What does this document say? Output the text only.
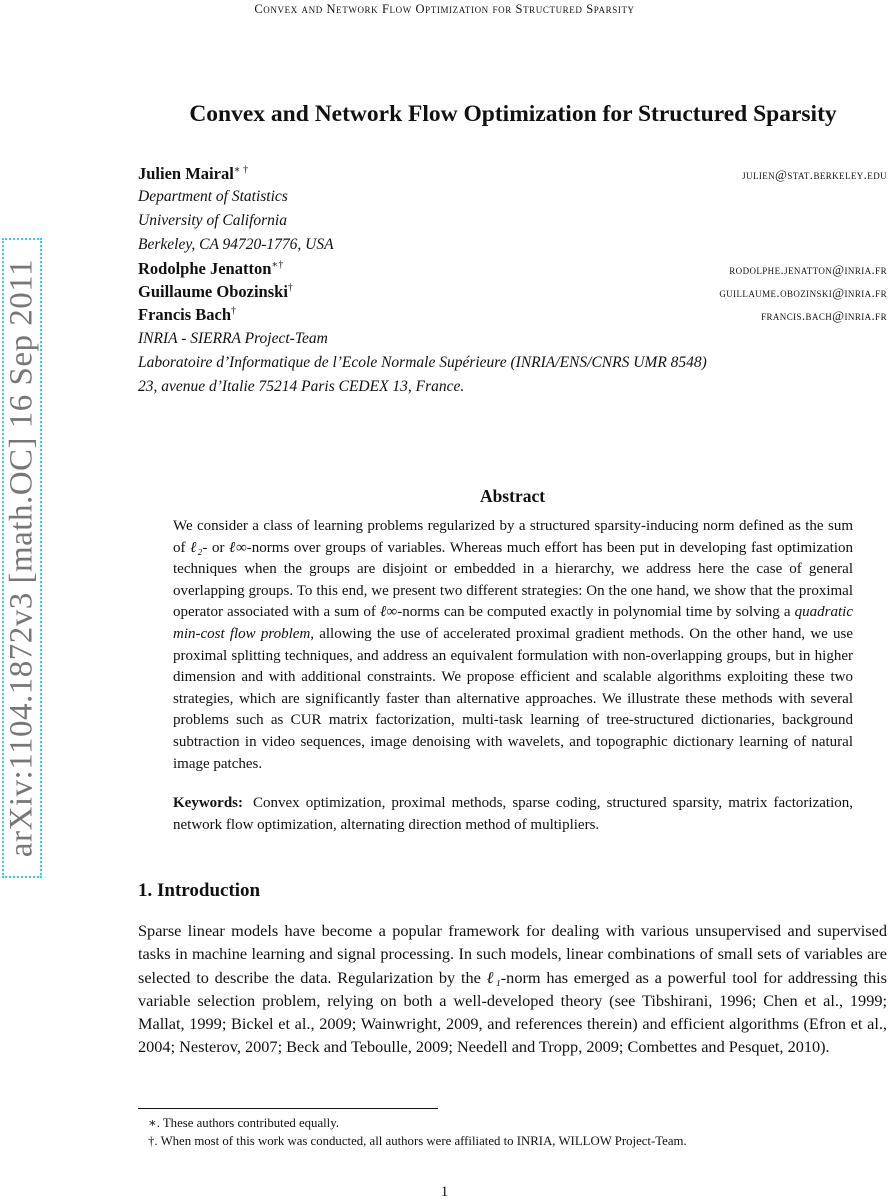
Convex and Network Flow Optimization for Structured Sparsity
arXiv:1104.1872v3 [math.OC] 16 Sep 2011
Convex and Network Flow Optimization for Structured Sparsity
Julien Mairal∗ †	julien@stat.berkeley.edu
Department of Statistics
University of California
Berkeley, CA 94720-1776, USA
Rodolphe Jenatton∗†	rodolphe.jenatton@inria.fr
Guillaume Obozinski†	guillaume.obozinski@inria.fr
Francis Bach†	francis.bach@inria.fr
INRIA - SIERRA Project-Team
Laboratoire d’Informatique de l’Ecole Normale Supérieure (INRIA/ENS/CNRS UMR 8548)
23, avenue d’Italie 75214 Paris CEDEX 13, France.
Abstract
We consider a class of learning problems regularized by a structured sparsity-inducing norm defined as the sum of ℓ₂- or ℓ∞-norms over groups of variables. Whereas much effort has been put in developing fast optimization techniques when the groups are disjoint or embedded in a hierarchy, we address here the case of general overlapping groups. To this end, we present two different strategies: On the one hand, we show that the proximal operator associated with a sum of ℓ∞-norms can be computed exactly in polynomial time by solving a quadratic min-cost flow problem, allowing the use of accelerated proximal gradient methods. On the other hand, we use proximal splitting techniques, and address an equivalent formulation with non-overlapping groups, but in higher dimension and with additional constraints. We propose efficient and scalable algorithms exploiting these two strategies, which are significantly faster than alternative approaches. We illustrate these methods with several problems such as CUR matrix factorization, multi-task learning of tree-structured dictionaries, background subtraction in video sequences, image denoising with wavelets, and topographic dictionary learning of natural image patches.
Keywords: Convex optimization, proximal methods, sparse coding, structured sparsity, matrix factorization, network flow optimization, alternating direction method of multipliers.
1. Introduction
Sparse linear models have become a popular framework for dealing with various unsupervised and supervised tasks in machine learning and signal processing. In such models, linear combinations of small sets of variables are selected to describe the data. Regularization by the ℓ₁-norm has emerged as a powerful tool for addressing this variable selection problem, relying on both a well-developed theory (see Tibshirani, 1996; Chen et al., 1999; Mallat, 1999; Bickel et al., 2009; Wainwright, 2009, and references therein) and efficient algorithms (Efron et al., 2004; Nesterov, 2007; Beck and Teboulle, 2009; Needell and Tropp, 2009; Combettes and Pesquet, 2010).
∗. These authors contributed equally.
†. When most of this work was conducted, all authors were affiliated to INRIA, WILLOW Project-Team.
1
